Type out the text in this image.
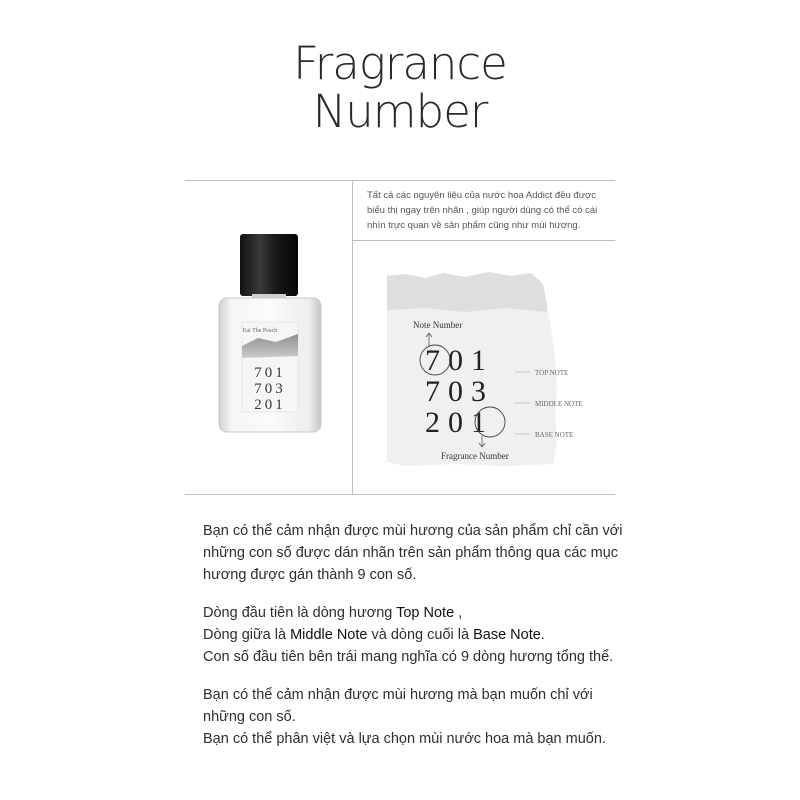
Fragrance
Number
Tất cả các nguyên liệu của nước hoa Addict đều được
biểu thị ngay trên nhãn , giúp người dùng có thể có cái
nhìn trực quan về sản phẩm cũng như mùi hương.
Eat The Peach
701
703
201
Note Number
701
703
201
TOP NOTE
MIDDLE NOTE
BASE NOTE
Fragrance Number

Bạn có thể cảm nhận được mùi hương của sản phẩm chỉ cần với
những con số được dán nhãn trên sản phẩm thông qua các mục
hương được gán thành 9 con số.

Dòng đầu tiên là dòng hương Top Note ,
Dòng giữa là Middle Note và dòng cuối là Base Note.
Con số đầu tiên bên trái mang nghĩa có 9 dòng hương tổng thể.

Bạn có thể cảm nhận được mùi hương mà bạn muốn chỉ với
những con số.
Bạn có thể phân việt và lựa chọn mùi nước hoa mà bạn muốn.
